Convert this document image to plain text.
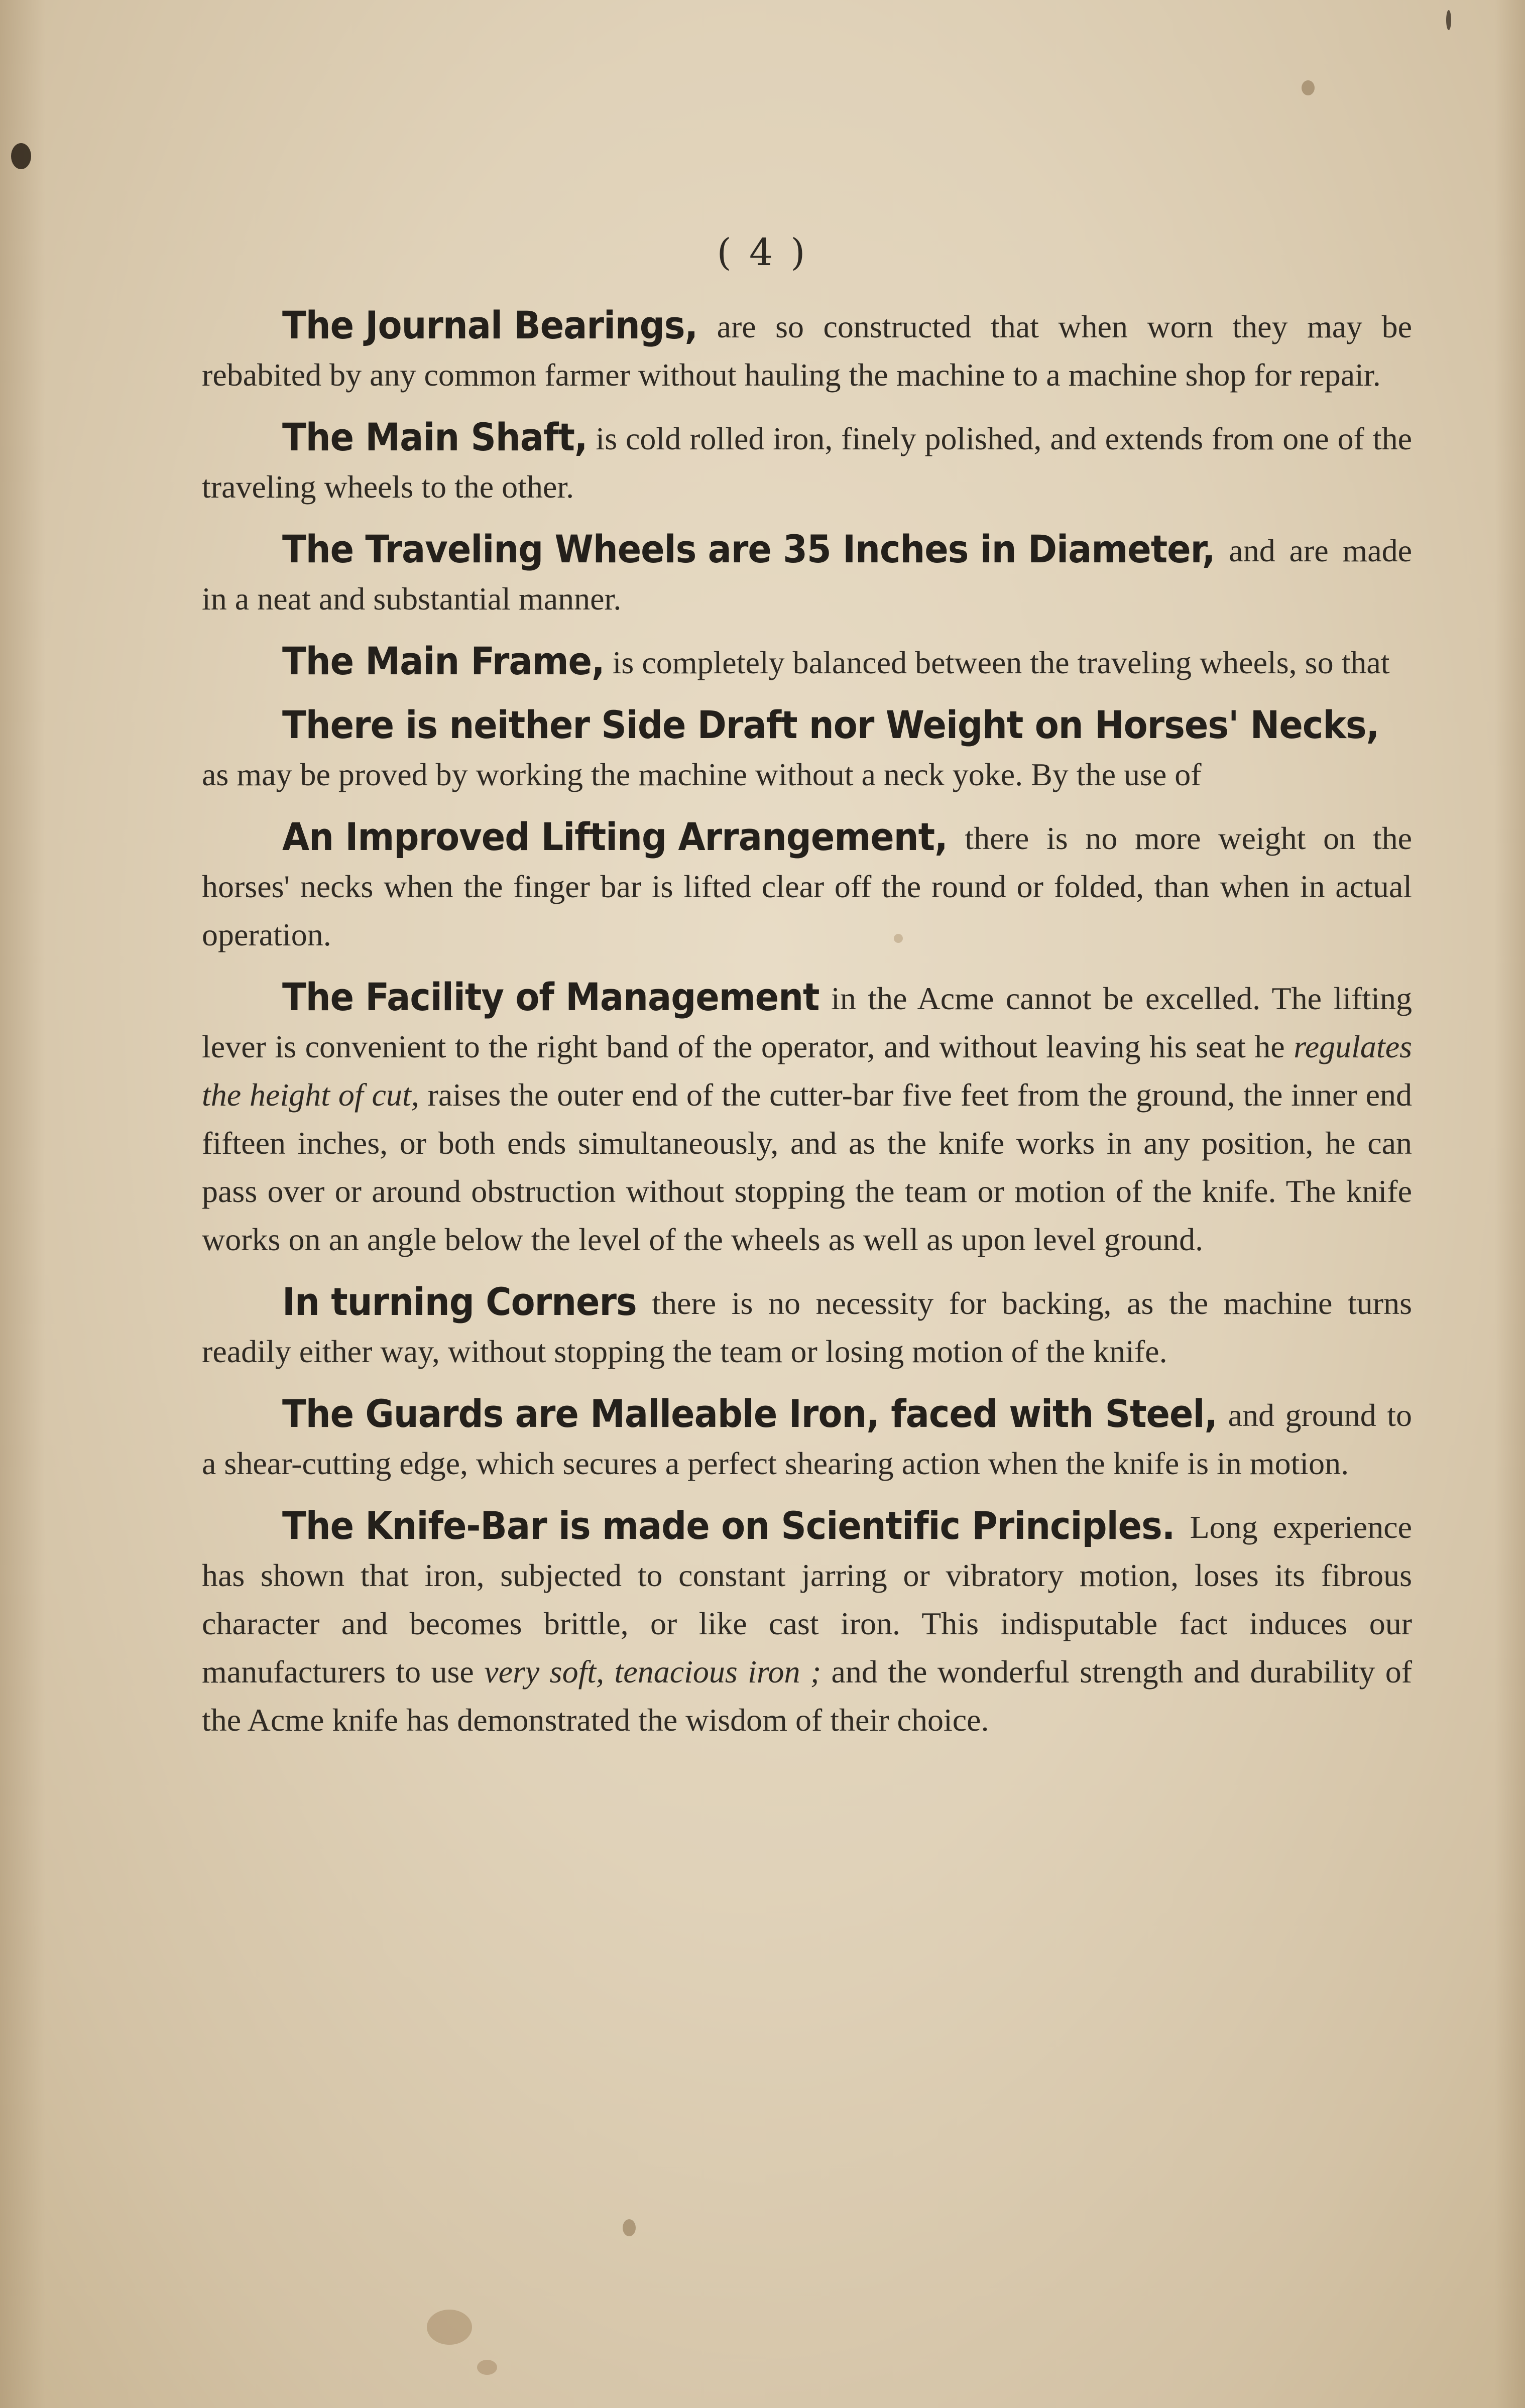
( 4 )

The Journal Bearings, are so constructed that when worn they may be rebabited by any common farmer without hauling the machine to a machine shop for repair.

The Main Shaft, is cold rolled iron, finely polished, and extends from one of the traveling wheels to the other.

The Traveling Wheels are 35 Inches in Diameter, and are made in a neat and substantial manner.

The Main Frame, is completely balanced between the traveling wheels, so that

There is neither Side Draft nor Weight on Horses' Necks, as may be proved by working the machine without a neck yoke. By the use of

An Improved Lifting Arrangement, there is no more weight on the horses' necks when the finger bar is lifted clear off the round or folded, than when in actual operation.

The Facility of Management in the Acme cannot be excelled. The lifting lever is convenient to the right band of the operator, and without leaving his seat he regulates the height of cut, raises the outer end of the cutter-bar five feet from the ground, the inner end fifteen inches, or both ends simultaneously, and as the knife works in any position, he can pass over or around obstruction without stopping the team or motion of the knife. The knife works on an angle below the level of the wheels as well as upon level ground.

In turning Corners there is no necessity for backing, as the machine turns readily either way, without stopping the team or losing motion of the knife.

The Guards are Malleable Iron, faced with Steel, and ground to a shear-cutting edge, which secures a perfect shearing action when the knife is in motion.

The Knife-Bar is made on Scientific Principles. Long experience has shown that iron, subjected to constant jarring or vibratory motion, loses its fibrous character and becomes brittle, or like cast iron. This indisputable fact induces our manufacturers to use very soft, tenacious iron ; and the wonderful strength and durability of the Acme knife has demonstrated the wisdom of their choice.
